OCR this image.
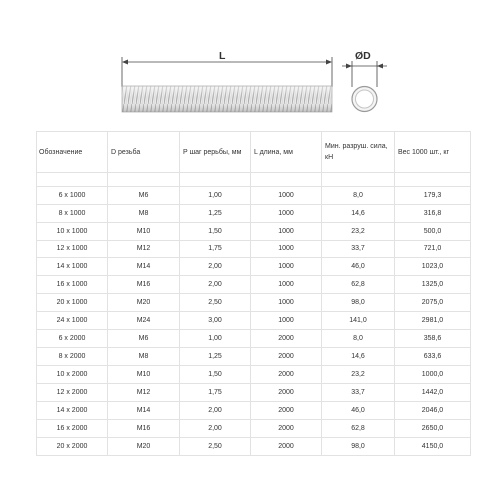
L	ØD
Обозначение	D резьба	P шаг рерьбы, мм	L длина, мм	Мин. разруш. сила, кН	Вес 1000 шт., кг

6 x 1000	M6	1,00	1000	8,0	179,3
8 x 1000	M8	1,25	1000	14,6	316,8
10 x 1000	M10	1,50	1000	23,2	500,0
12 x 1000	M12	1,75	1000	33,7	721,0
14 x 1000	M14	2,00	1000	46,0	1023,0
16 x 1000	M16	2,00	1000	62,8	1325,0
20 x 1000	M20	2,50	1000	98,0	2075,0
24 x 1000	M24	3,00	1000	141,0	2981,0
6 x 2000	M6	1,00	2000	8,0	358,6
8 x 2000	M8	1,25	2000	14,6	633,6
10 x 2000	M10	1,50	2000	23,2	1000,0
12 x 2000	M12	1,75	2000	33,7	1442,0
14 x 2000	M14	2,00	2000	46,0	2046,0
16 x 2000	M16	2,00	2000	62,8	2650,0
20 x 2000	M20	2,50	2000	98,0	4150,0
